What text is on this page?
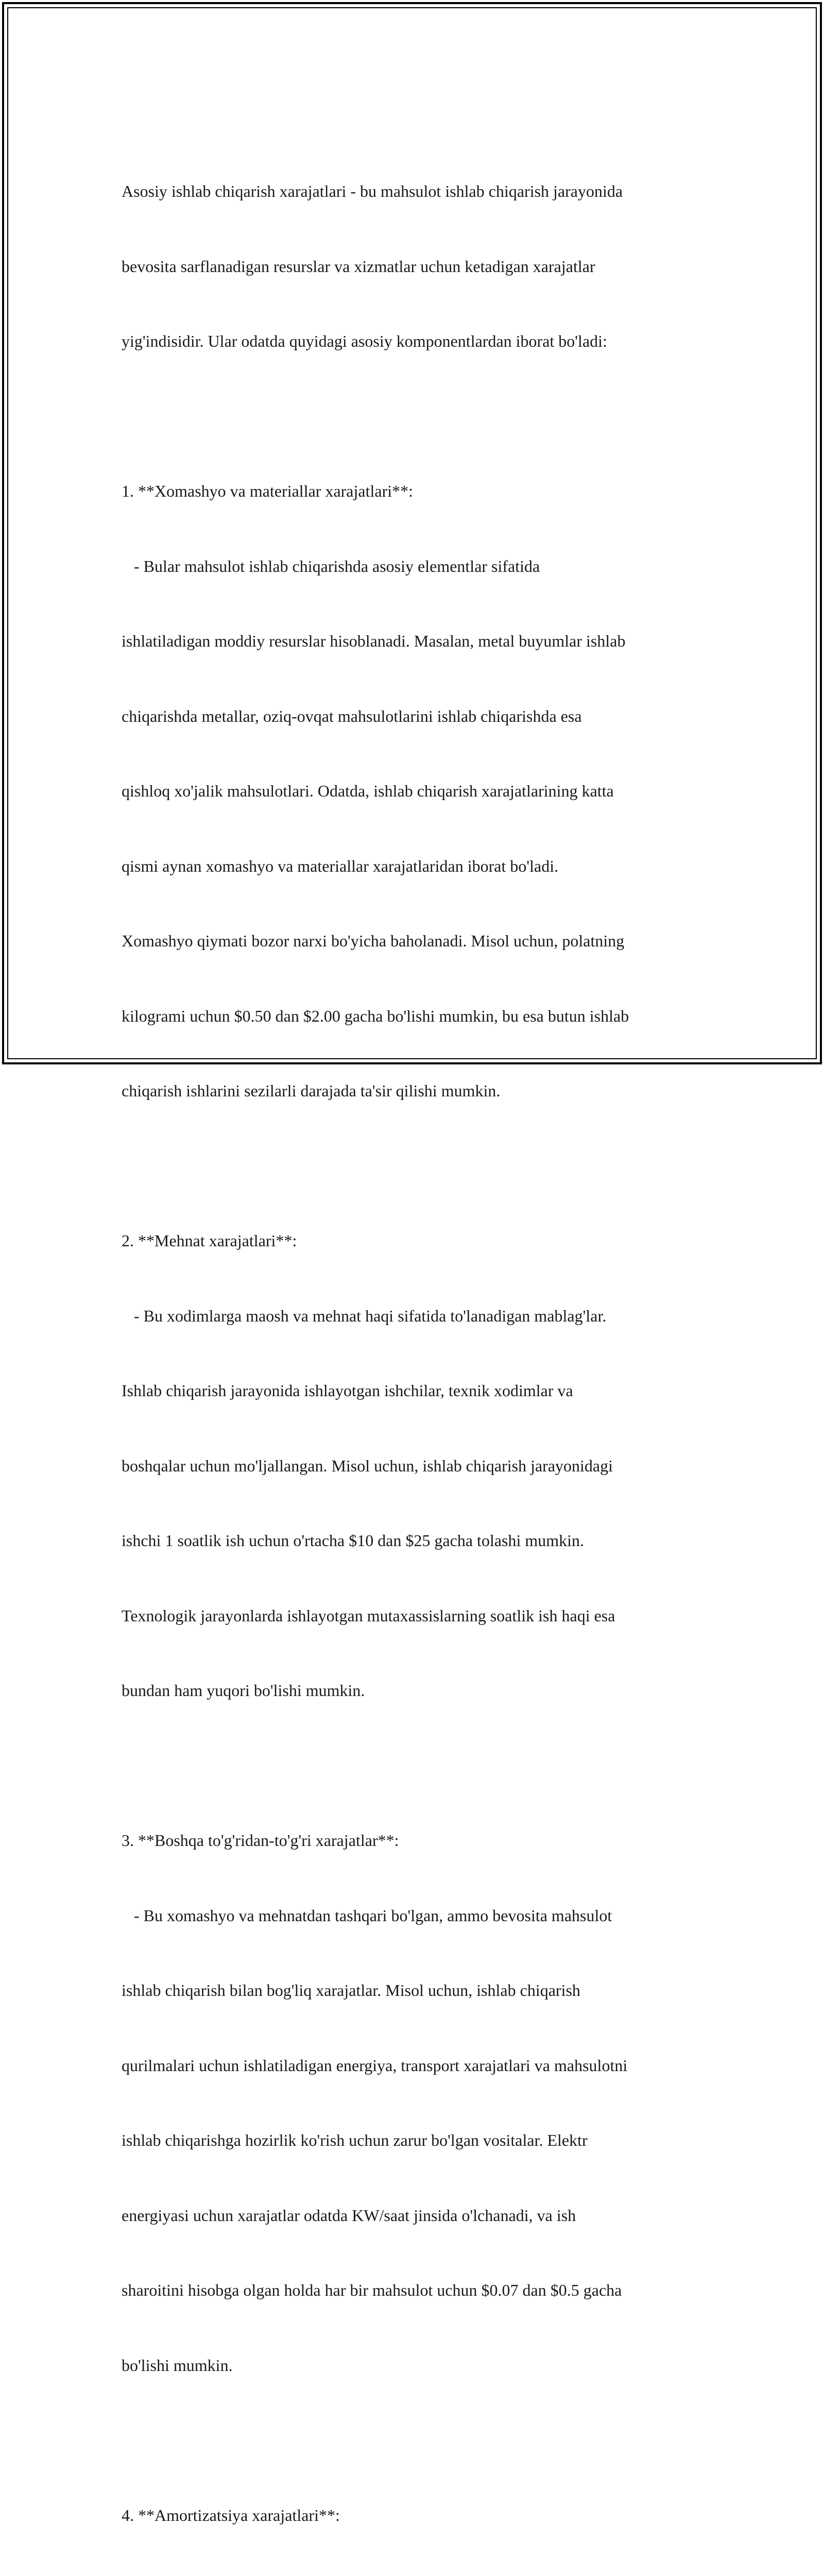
Asosiy ishlab chiqarish xarajatlari - bu mahsulot ishlab chiqarish jarayonida

bevosita sarflanadigan resurslar va xizmatlar uchun ketadigan xarajatlar

yig'indisidir. Ular odatda quyidagi asosiy komponentlardan iborat bo'ladi:

1. **Xomashyo va materiallar xarajatlari**:

- Bular mahsulot ishlab chiqarishda asosiy elementlar sifatida

ishlatiladigan moddiy resurslar hisoblanadi. Masalan, metal buyumlar ishlab

chiqarishda metallar, oziq-ovqat mahsulotlarini ishlab chiqarishda esa

qishloq xo'jalik mahsulotlari. Odatda, ishlab chiqarish xarajatlarining katta

qismi aynan xomashyo va materiallar xarajatlaridan iborat bo'ladi.

Xomashyo qiymati bozor narxi bo'yicha baholanadi. Misol uchun, polatning

kilogrami uchun $0.50 dan $2.00 gacha bo'lishi mumkin, bu esa butun ishlab

chiqarish ishlarini sezilarli darajada ta'sir qilishi mumkin.

2. **Mehnat xarajatlari**:

- Bu xodimlarga maosh va mehnat haqi sifatida to'lanadigan mablag'lar.

Ishlab chiqarish jarayonida ishlayotgan ishchilar, texnik xodimlar va

boshqalar uchun mo'ljallangan. Misol uchun, ishlab chiqarish jarayonidagi

ishchi 1 soatlik ish uchun o'rtacha $10 dan $25 gacha tolashi mumkin.

Texnologik jarayonlarda ishlayotgan mutaxassislarning soatlik ish haqi esa

bundan ham yuqori bo'lishi mumkin.

3. **Boshqa to'g'ridan-to'g'ri xarajatlar**:

- Bu xomashyo va mehnatdan tashqari bo'lgan, ammo bevosita mahsulot

ishlab chiqarish bilan bog'liq xarajatlar. Misol uchun, ishlab chiqarish

qurilmalari uchun ishlatiladigan energiya, transport xarajatlari va mahsulotni

ishlab chiqarishga hozirlik ko'rish uchun zarur bo'lgan vositalar. Elektr

energiyasi uchun xarajatlar odatda KW/saat jinsida o'lchanadi, va ish

sharoitini hisobga olgan holda har bir mahsulot uchun $0.07 dan $0.5 gacha

bo'lishi mumkin.

4. **Amortizatsiya xarajatlari**:
